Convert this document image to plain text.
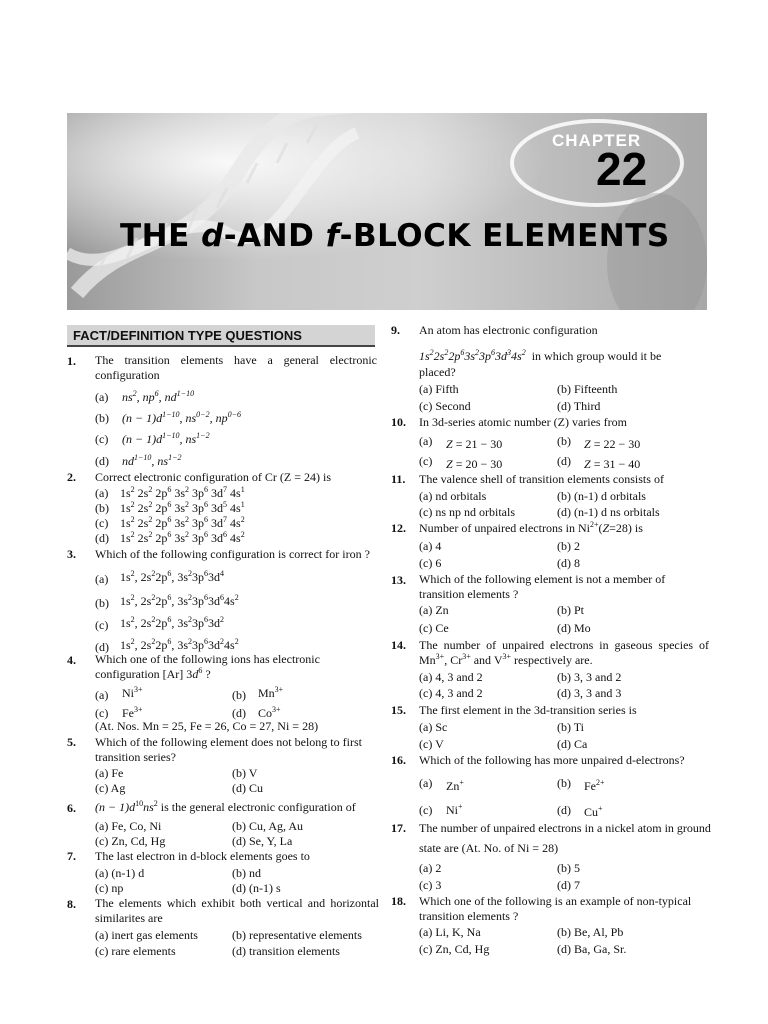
CHAPTER
22
THE d-AND f-BLOCK ELEMENTS
FACT/DEFINITION TYPE QUESTIONS
1. The transition elements have a general electronic configuration
(a) $ns^2$, $np^6$, $nd^{1-10}$
(b) $(n - 1)d^{1-10}$, $ns^{0-2}$, $np^{0-6}$
(c) $(n - 1)d^{1-10}$, $ns^{1-2}$
(d) $nd^{1-10}$, $ns^{1-2}$
2. Correct electronic configuration of Cr (Z = 24) is
(a) $1s^2$ $2s^2$ $2p^6$ $3s^2$ $3p^6$ $3d^7$ $4s^1$
(b) $1s^2$ $2s^2$ $2p^6$ $3s^2$ $3p^6$ $3d^5$ $4s^1$
(c) $1s^2$ $2s^2$ $2p^6$ $3s^2$ $3p^6$ $3d^7$ $4s^2$
(d) $1s^2$ $2s^2$ $2p^6$ $3s^2$ $3p^6$ $3d^6$ $4s^2$
3. Which of the following configuration is correct for iron ?
(a) $1s^2$, $2s^22p^6$, $3s^23p^63d^4$
(b) $1s^2$, $2s^22p^6$, $3s^23p^63d^64s^2$
(c) $1s^2$, $2s^22p^6$, $3s^23p^63d^2$
(d) $1s^2$, $2s^22p^6$, $3s^23p^63d^24s^2$
4. Which one of the following ions has electronic
configuration [Ar] $3d^6$ ?
(a) $Ni^{3+}$	(b) $Mn^{3+}$
(c) $Fe^{3+}$	(d) $Co^{3+}$
(At. Nos. Mn = 25, Fe = 26, Co = 27, Ni = 28)
5. Which of the following element does not belong to first transition series?
(a) Fe	(b) V
(c) Ag	(d) Cu
6. $(n - 1)d^{10}ns^2$ is the general electronic configuration of
(a) Fe, Co, Ni	(b) Cu, Ag, Au
(c) Zn, Cd, Hg	(d) Se, Y, La
7. The last electron in d-block elements goes to
(a) (n-1) d	(b) nd
(c) np	(d) (n-1) s
8. The elements which exhibit both vertical and horizontal similarites are
(a) inert gas elements	(b) representative elements
(c) rare elements	(d) transition elements
9. An atom has electronic configuration
$1s^22s^22p^63s^23p^63d^34s^2$ in which group would it be
placed?
(a) Fifth	(b) Fifteenth
(c) Second	(d) Third
10. In 3d-series atomic number (Z) varies from
(a) Z = 21 − 30	(b) Z = 22 − 30
(c) Z = 20 − 30	(d) Z = 31 − 40
11. The valence shell of transition elements consists of
(a) nd orbitals	(b) (n-1) d orbitals
(c) ns np nd orbitals	(d) (n-1) d ns orbitals
12. Number of unpaired electrons in $Ni^{2+}(Z=28)$ is
(a) 4	(b) 2
(c) 6	(d) 8
13. Which of the following element is not a member of transition elements ?
(a) Zn	(b) Pt
(c) Ce	(d) Mo
14. The number of unpaired electrons in gaseous species of $Mn^{3+}$, $Cr^{3+}$ and $V^{3+}$ respectively are.
(a) 4, 3 and 2	(b) 3, 3 and 2
(c) 4, 3 and 2	(d) 3, 3 and 3
15. The first element in the 3d-transition series is
(a) Sc	(b) Ti
(c) V	(d) Ca
16. Which of the following has more unpaired d-electrons?
(a) Zn+	(b) $Fe^{2+}$
(c) Ni+	(d) Cu+
17. The number of unpaired electrons in a nickel atom in ground
state are (At. No. of Ni = 28)
(a) 2	(b) 5
(c) 3	(d) 7
18. Which one of the following is an example of non-typical transition elements ?
(a) Li, K, Na	(b) Be, Al, Pb
(c) Zn, Cd, Hg	(d) Ba, Ga, Sr.
